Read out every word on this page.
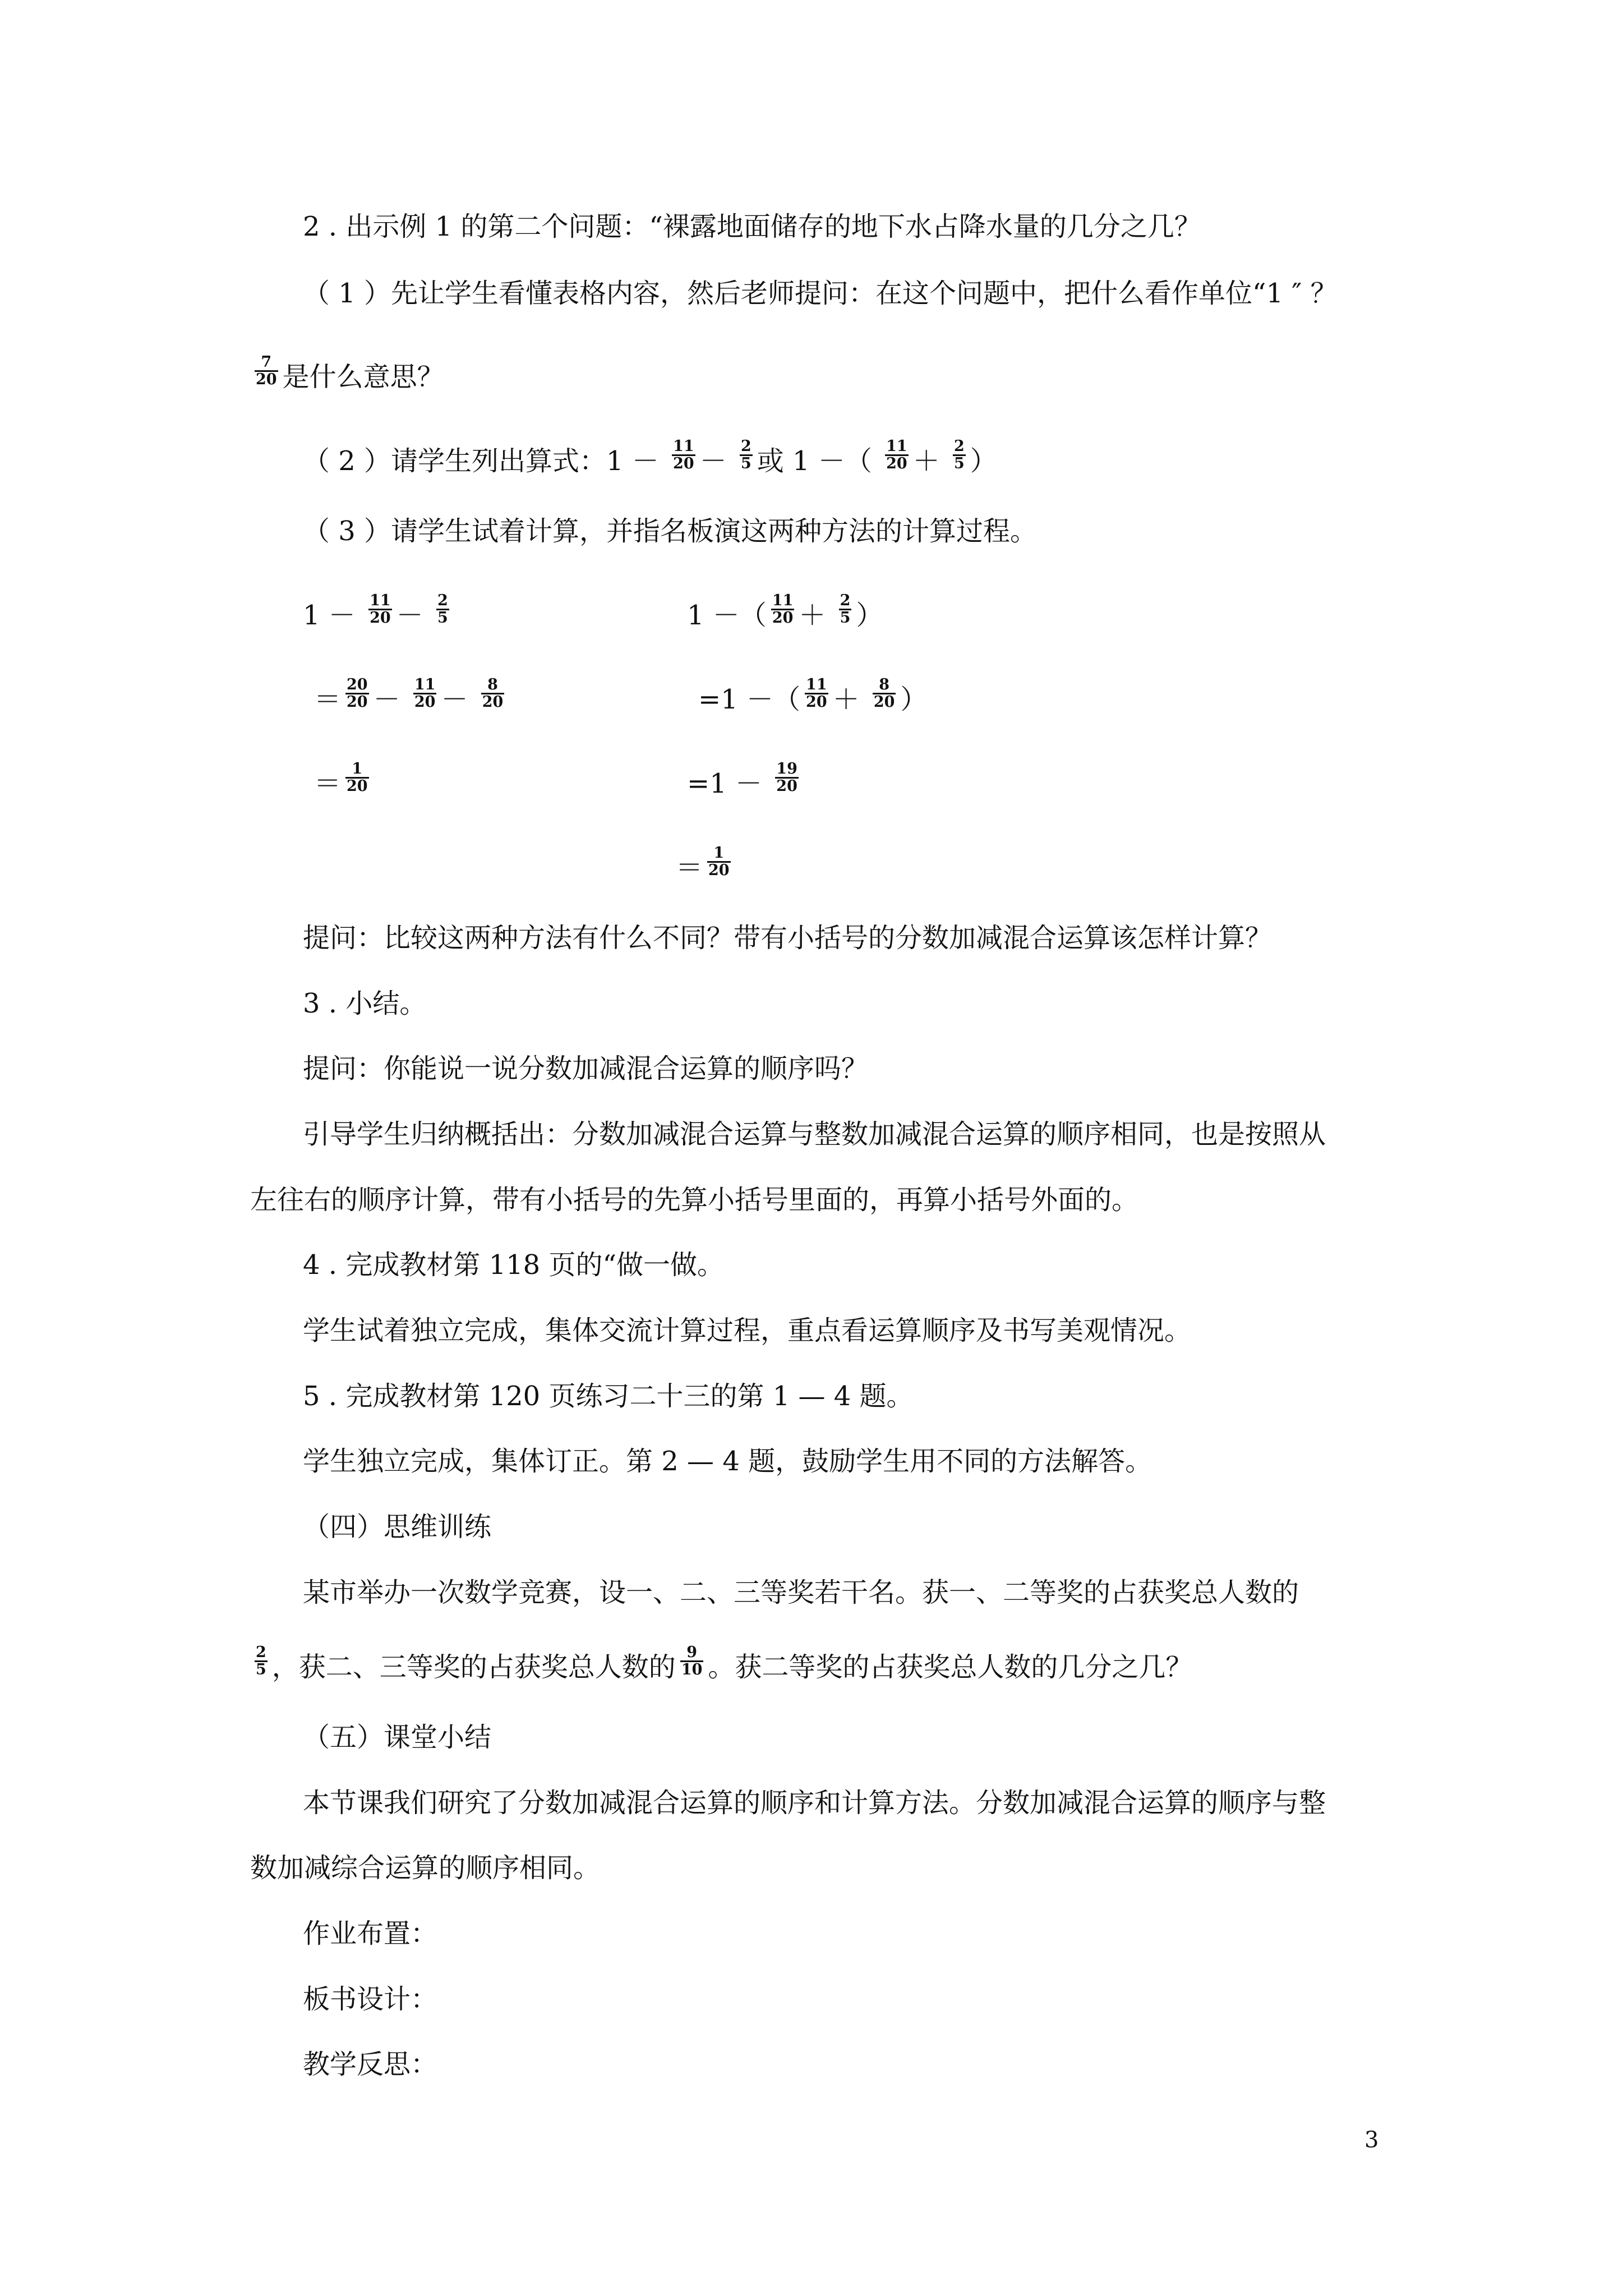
2 . 出示例 1 的第二个问题：“裸露地面储存的地下水占降水量的几分之几？
（ 1 ）先让学生看懂表格内容，然后老师提问：在这个问题中，把什么看作单位“1 ″ ？
$\frac{7}{20}$ 是什么意思？
（ 2 ）请学生列出算式：$1 - \frac{11}{20} - \frac{2}{5}$ 或 1 －（ $\frac{11}{20} + \frac{2}{5}$ ）
（ 3 ）请学生试着计算，并指名板演这两种方法的计算过程。
$1 - \frac{11}{20} - \frac{2}{5}$
＝ $\frac{20}{20} - \frac{11}{20} - \frac{8}{20}$
＝ $\frac{1}{20}$
1 －（ $\frac{11}{20} + \frac{2}{5}$ ）
=1 －（ $\frac{11}{20} + \frac{8}{20}$ ）
$=1 - \frac{19}{20}$
＝ $\frac{1}{20}$
提问：比较这两种方法有什么不同？带有小括号的分数加减混合运算该怎样计算？
3 . 小结。
提问：你能说一说分数加减混合运算的顺序吗？
引导学生归纳概括出：分数加减混合运算与整数加减混合运算的顺序相同，也是按照从
左往右的顺序计算，带有小括号的先算小括号里面的，再算小括号外面的。
4 . 完成教材第 118 页的“做一做。
学生试着独立完成，集体交流计算过程，重点看运算顺序及书写美观情况。
5 . 完成教材第 120 页练习二十三的第 1 — 4 题。
学生独立完成，集体订正。第 2 — 4 题，鼓励学生用不同的方法解答。
（四）思维训练
某市举办一次数学竞赛，设一、二、三等奖若干名。获一、二等奖的占获奖总人数的
$\frac{2}{5}$ ，获二、三等奖的占获奖总人数的 $\frac{9}{10}$ 。获二等奖的占获奖总人数的几分之几？
（五）课堂小结
本节课我们研究了分数加减混合运算的顺序和计算方法。分数加减混合运算的顺序与整
数加减综合运算的顺序相同。
作业布置：
板书设计：
教学反思：
3
